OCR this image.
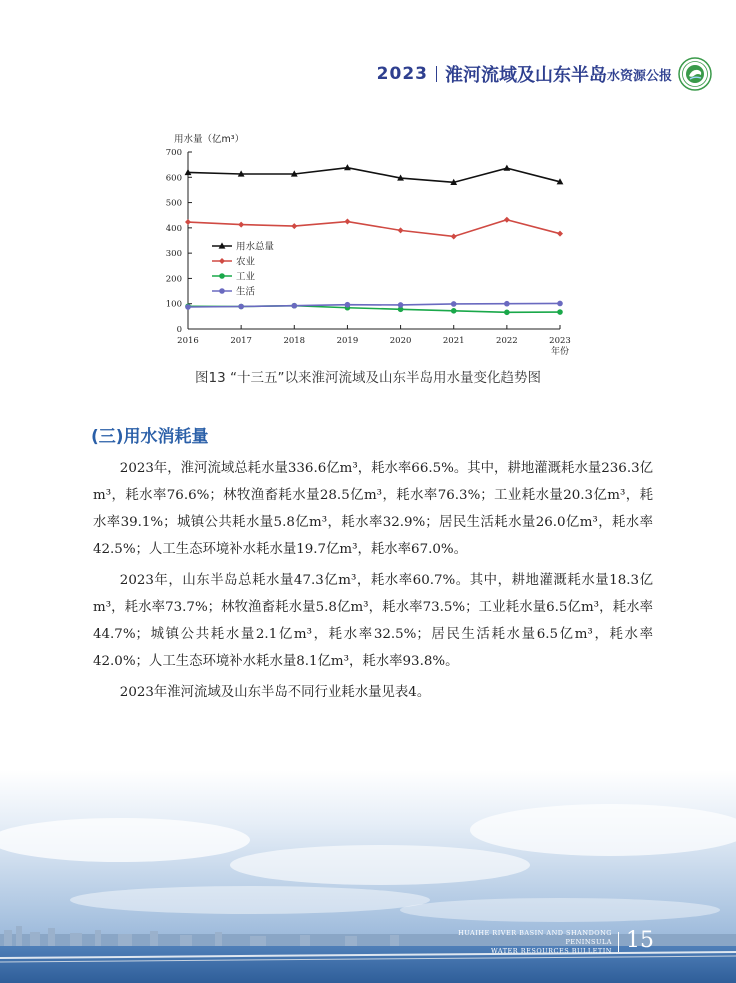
2023 淮河流域及山东半岛 水资源公报
用水量（亿m³）
0
100
200
300
400
500
600
700
2016	2017	2018	2019	2020	2021	2022	2023
用水总量
农业
工业
生活
年份
图13 “十三五”以来淮河流域及山东半岛用水量变化趋势图
(三)用水消耗量

2023年，淮河流域总耗水量336.6亿m³，耗水率66.5%。其中，耕地灌溉耗水量236.3亿m³，耗水率76.6%；林牧渔畜耗水量28.5亿m³，耗水率76.3%；工业耗水量20.3亿m³，耗水率39.1%；城镇公共耗水量5.8亿m³，耗水率32.9%；居民生活耗水量26.0亿m³，耗水率42.5%；人工生态环境补水耗水量19.7亿m³，耗水率67.0%。

2023年，山东半岛总耗水量47.3亿m³，耗水率60.7%。其中，耕地灌溉耗水量18.3亿m³，耗水率73.7%；林牧渔畜耗水量5.8亿m³，耗水率73.5%；工业耗水量6.5亿m³，耗水率44.7%；城镇公共耗水量2.1亿m³，耗水率32.5%；居民生活耗水量6.5亿m³，耗水率42.0%；人工生态环境补水耗水量8.1亿m³，耗水率93.8%。

2023年淮河流域及山东半岛不同行业耗水量见表4。

HUAIHE RIVER BASIN AND SHANDONG PENINSULA
WATER RESOURCES BULLETIN 15
